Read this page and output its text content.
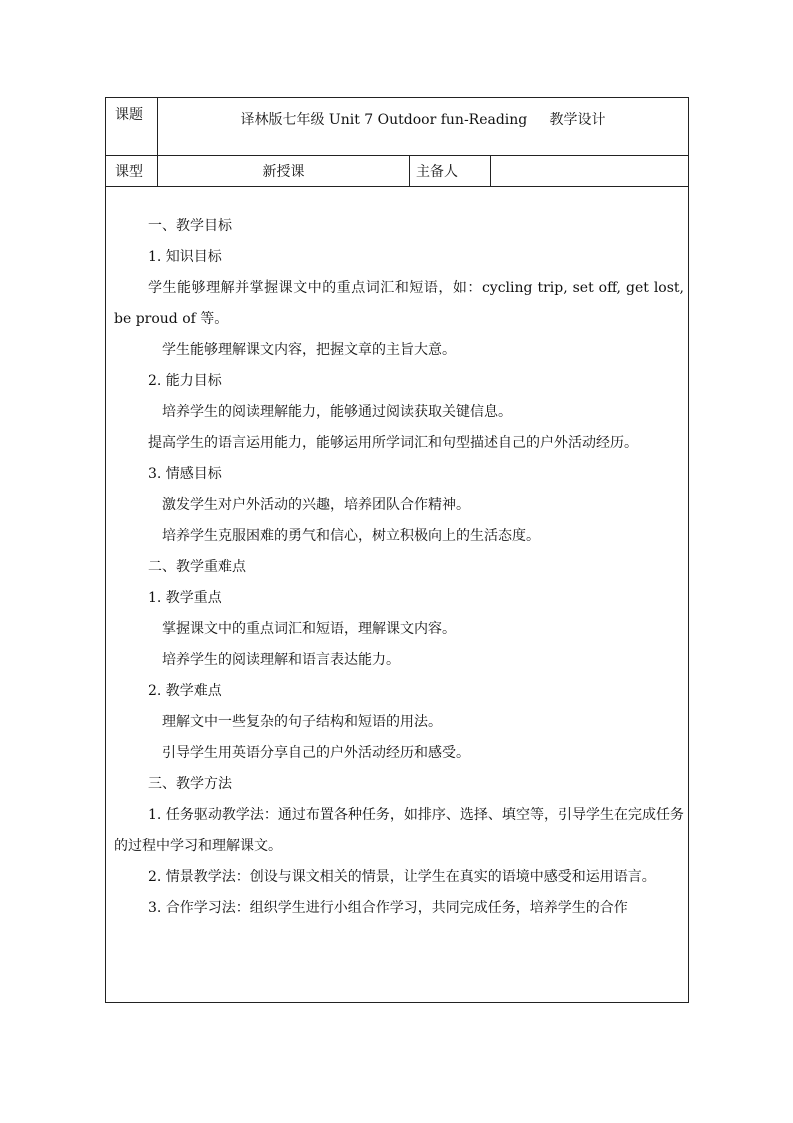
课题	译林版七年级 Unit 7 Outdoor fun-Reading     教学设计
课型	新授课	主备人

一、教学目标

1. 知识目标

学生能够理解并掌握课文中的重点词汇和短语，如：cycling trip, set off, get lost, be proud of 等。

学生能够理解课文内容，把握文章的主旨大意。

2. 能力目标

培养学生的阅读理解能力，能够通过阅读获取关键信息。

提高学生的语言运用能力，能够运用所学词汇和句型描述自己的户外活动经历。

3. 情感目标

激发学生对户外活动的兴趣，培养团队合作精神。

培养学生克服困难的勇气和信心，树立积极向上的生活态度。

二、教学重难点

1. 教学重点

掌握课文中的重点词汇和短语，理解课文内容。

培养学生的阅读理解和语言表达能力。

2. 教学难点

理解文中一些复杂的句子结构和短语的用法。

引导学生用英语分享自己的户外活动经历和感受。

三、教学方法

1. 任务驱动教学法：通过布置各种任务，如排序、选择、填空等，引导学生在完成任务的过程中学习和理解课文。

2. 情景教学法：创设与课文相关的情景，让学生在真实的语境中感受和运用语言。

3. 合作学习法：组织学生进行小组合作学习，共同完成任务，培养学生的合作
